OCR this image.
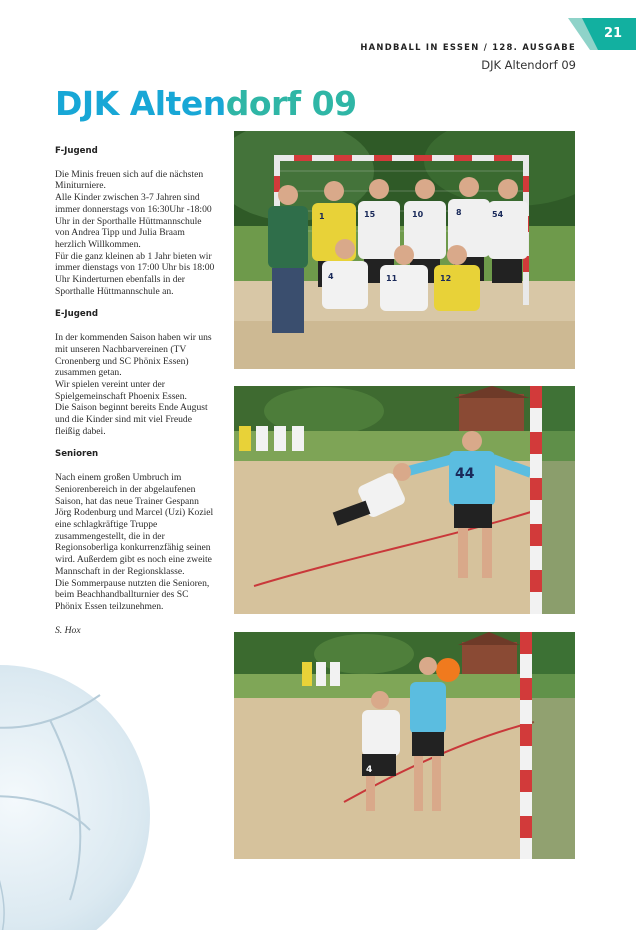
21
HANDBALL IN ESSEN / 128. AUSGABE
DJK Altendorf 09
DJK Altendorf 09
F-Jugend

Die Minis freuen sich auf die nächsten Miniturniere.

Alle Kinder zwischen 3-7 Jahren sind immer donnerstags von 16:30Uhr -18:00 Uhr in der Sporthalle Hüttmannschule von Andrea Tipp und Julia Braam herzlich Willkommen.

Für die ganz kleinen ab 1 Jahr bieten wir immer dienstags von 17:00 Uhr bis 18:00 Uhr Kinderturnen ebenfalls in der Sporthalle Hüttmannschule an.

E-Jugend

In der kommenden Saison haben wir uns mit unseren Nachbarvereinen (TV Cronenberg und SC Phönix Essen) zusammen getan.

Wir spielen vereint unter der Spielgemeinschaft Phoenix Essen.

Die Saison beginnt bereits Ende August und die Kinder sind mit viel Freude fleißig dabei.

Senioren

Nach einem großen Umbruch im Seniorenbereich in der abgelaufenen Saison, hat das neue Trainer Gespann Jörg Rodenburg und Marcel (Uzi) Koziel eine schlagkräftige Truppe zusammengestellt, die in der Regionsoberliga konkurrenzfähig seinen wird. Außerdem gibt es noch eine zweite Mannschaft in der Regionsklasse.

Die Sommerpause nutzten die Senioren, beim Beachhandballturnier des SC Phönix Essen teilzunehmen.

S. Hox

1	15	10	8	54
4	11	12
44
4
